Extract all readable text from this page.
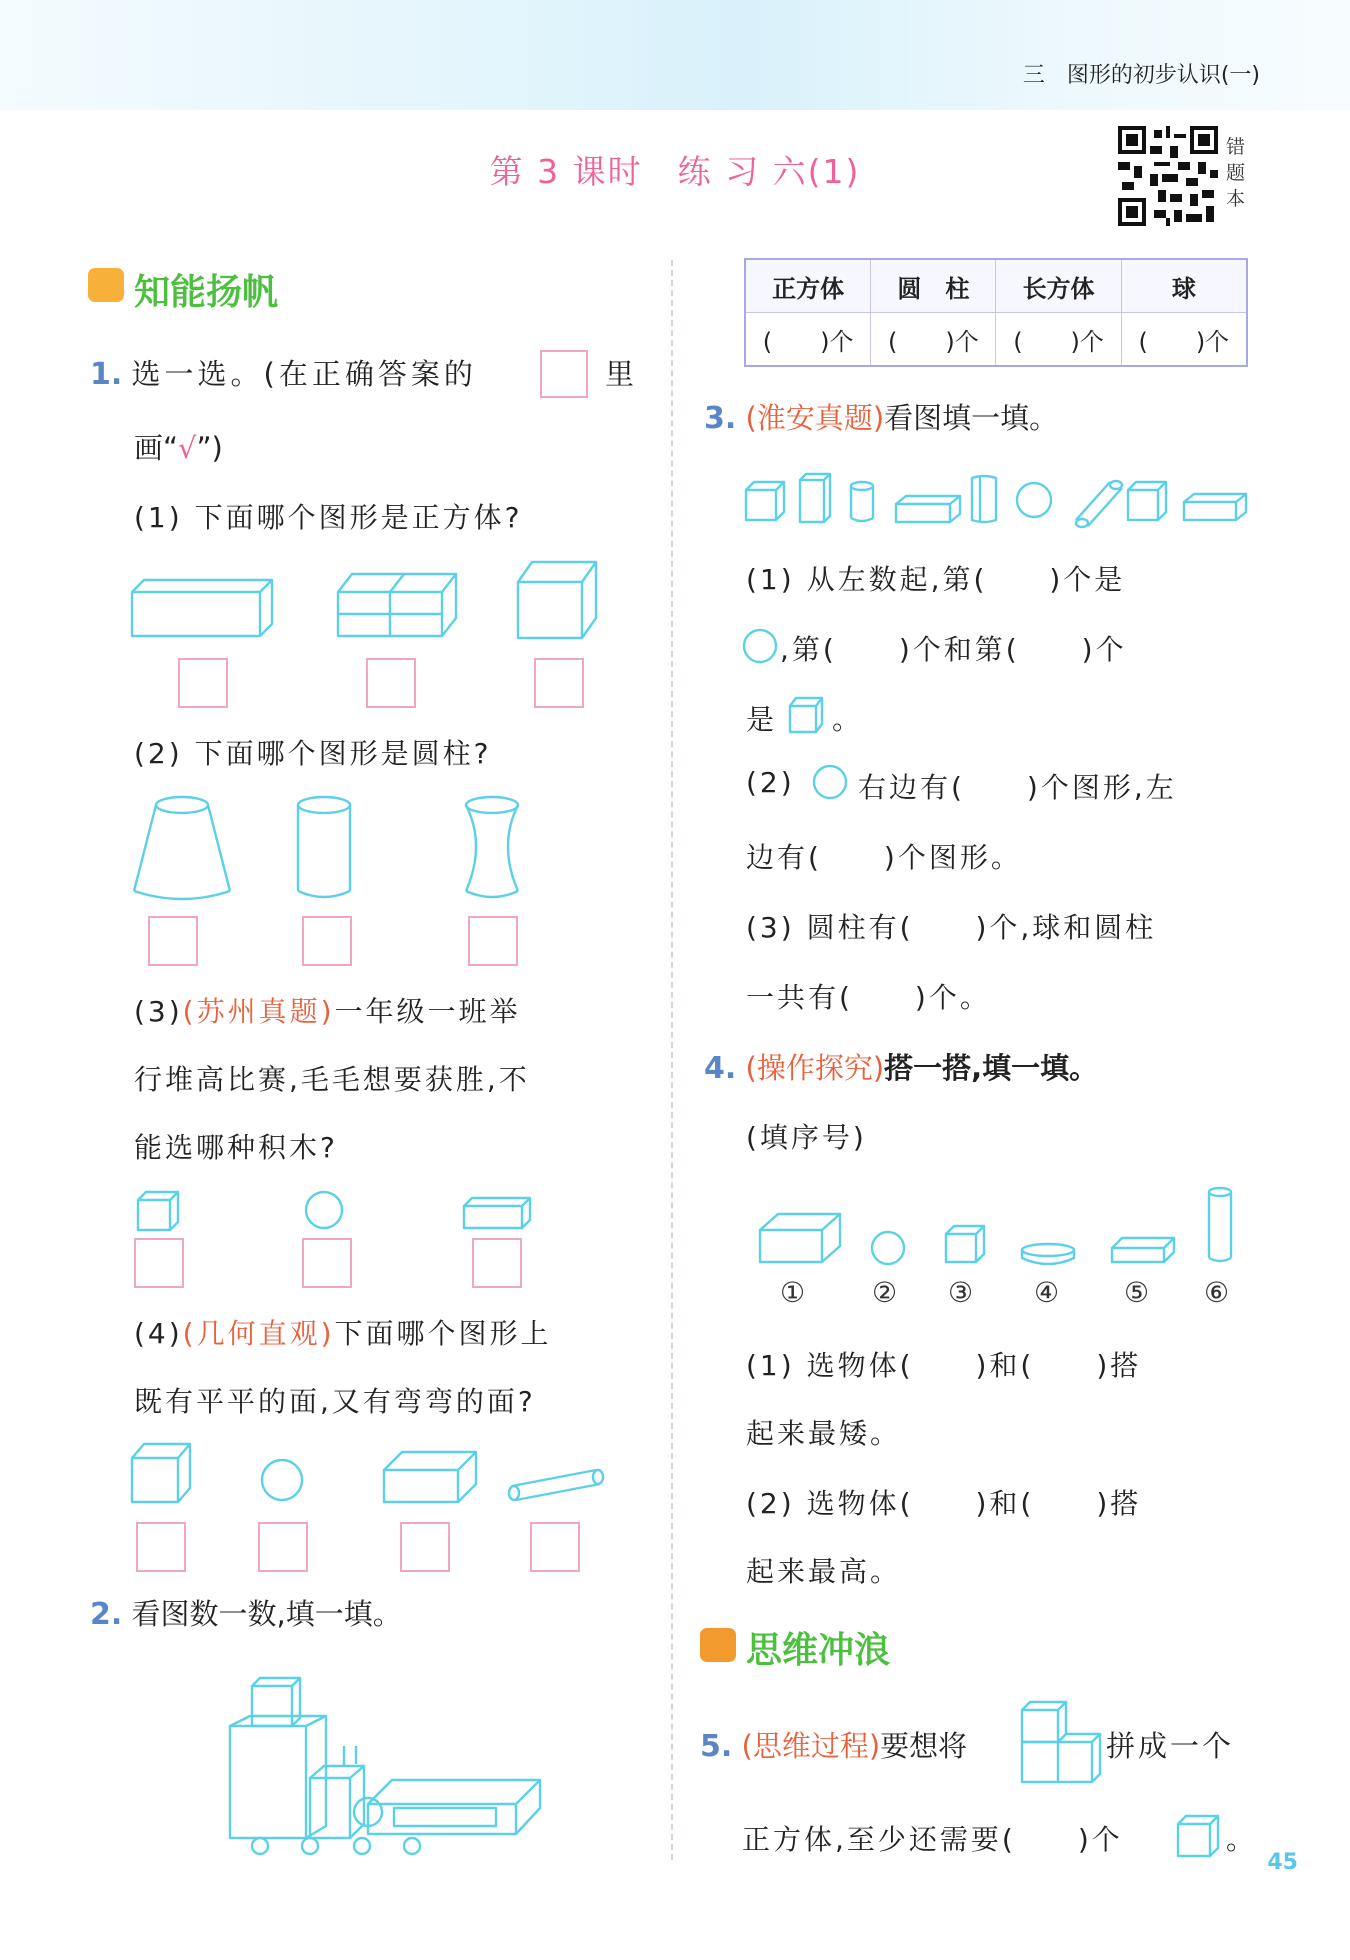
三　图形的初步认识(一)
第 3 课时　练 习 六(1)
错
题
本
知能扬帆
1. 选一选。(在正确答案的	里
画“√”)
(1) 下面哪个图形是正方体?
(2) 下面哪个图形是圆柱?
(3)(苏州真题)一年级一班举
行堆高比赛,毛毛想要获胜,不
能选哪种积木?
(4)(几何直观)下面哪个图形上
既有平平的面,又有弯弯的面?
2. 看图数一数,填一填。
正方体	圆　柱	长方体	球
(　　)个	(　　)个	(　　)个	(　　)个
3. (淮安真题)看图填一填。
(1) 从左数起,第(　　)个是
,第(　　)个和第(　　)个
是 。
(2) 右边有(　　)个图形,左
边有(　　)个图形。
(3) 圆柱有(　　)个,球和圆柱
一共有(　　)个。
4. (操作探究)搭一搭,填一填。
(填序号)
① ② ③ ④ ⑤ ⑥
(1) 选物体(　　)和(　　)搭
起来最矮。
(2) 选物体(　　)和(　　)搭
起来最高。
思维冲浪
5. (思维过程)要想将	拼成一个
正方体,至少还需要(　　)个	。
45
